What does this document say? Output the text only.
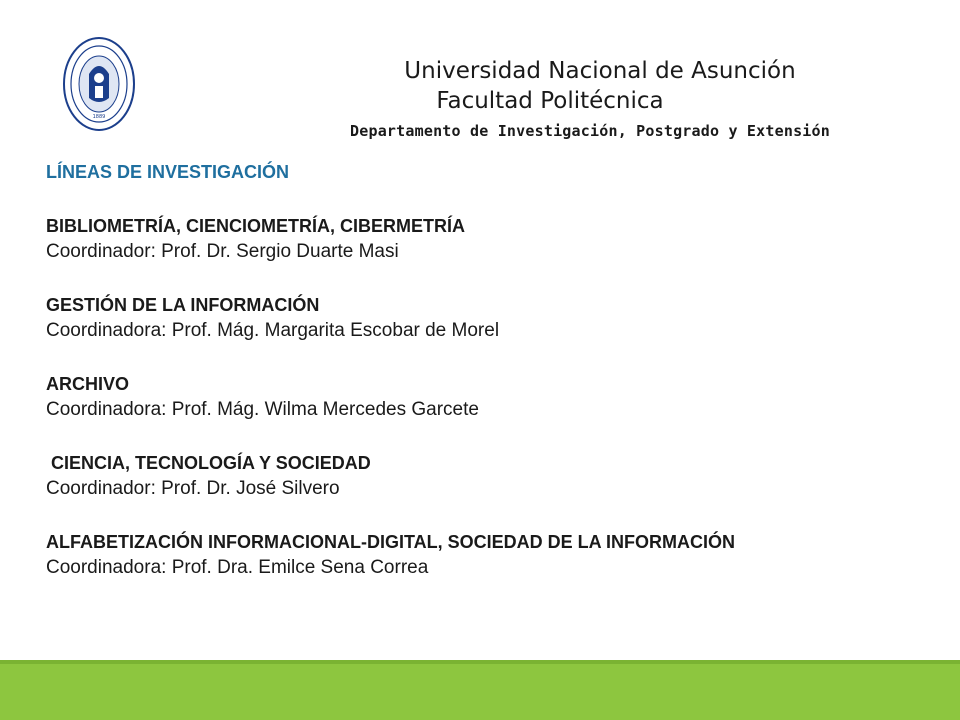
1889
Universidad Nacional de Asunción
Facultad Politécnica
Departamento de Investigación, Postgrado y Extensión
LÍNEAS DE INVESTIGACIÓN
BIBLIOMETRÍA, CIENCIOMETRÍA, CIBERMETRÍA
Coordinador: Prof. Dr. Sergio Duarte Masi
GESTIÓN DE LA INFORMACIÓN
Coordinadora: Prof. Mág. Margarita Escobar de Morel
ARCHIVO
Coordinadora: Prof. Mág. Wilma Mercedes Garcete
CIENCIA, TECNOLOGÍA Y SOCIEDAD
Coordinador: Prof. Dr. José Silvero
ALFABETIZACIÓN INFORMACIONAL-DIGITAL, SOCIEDAD DE LA INFORMACIÓN
Coordinadora: Prof. Dra. Emilce Sena Correa
